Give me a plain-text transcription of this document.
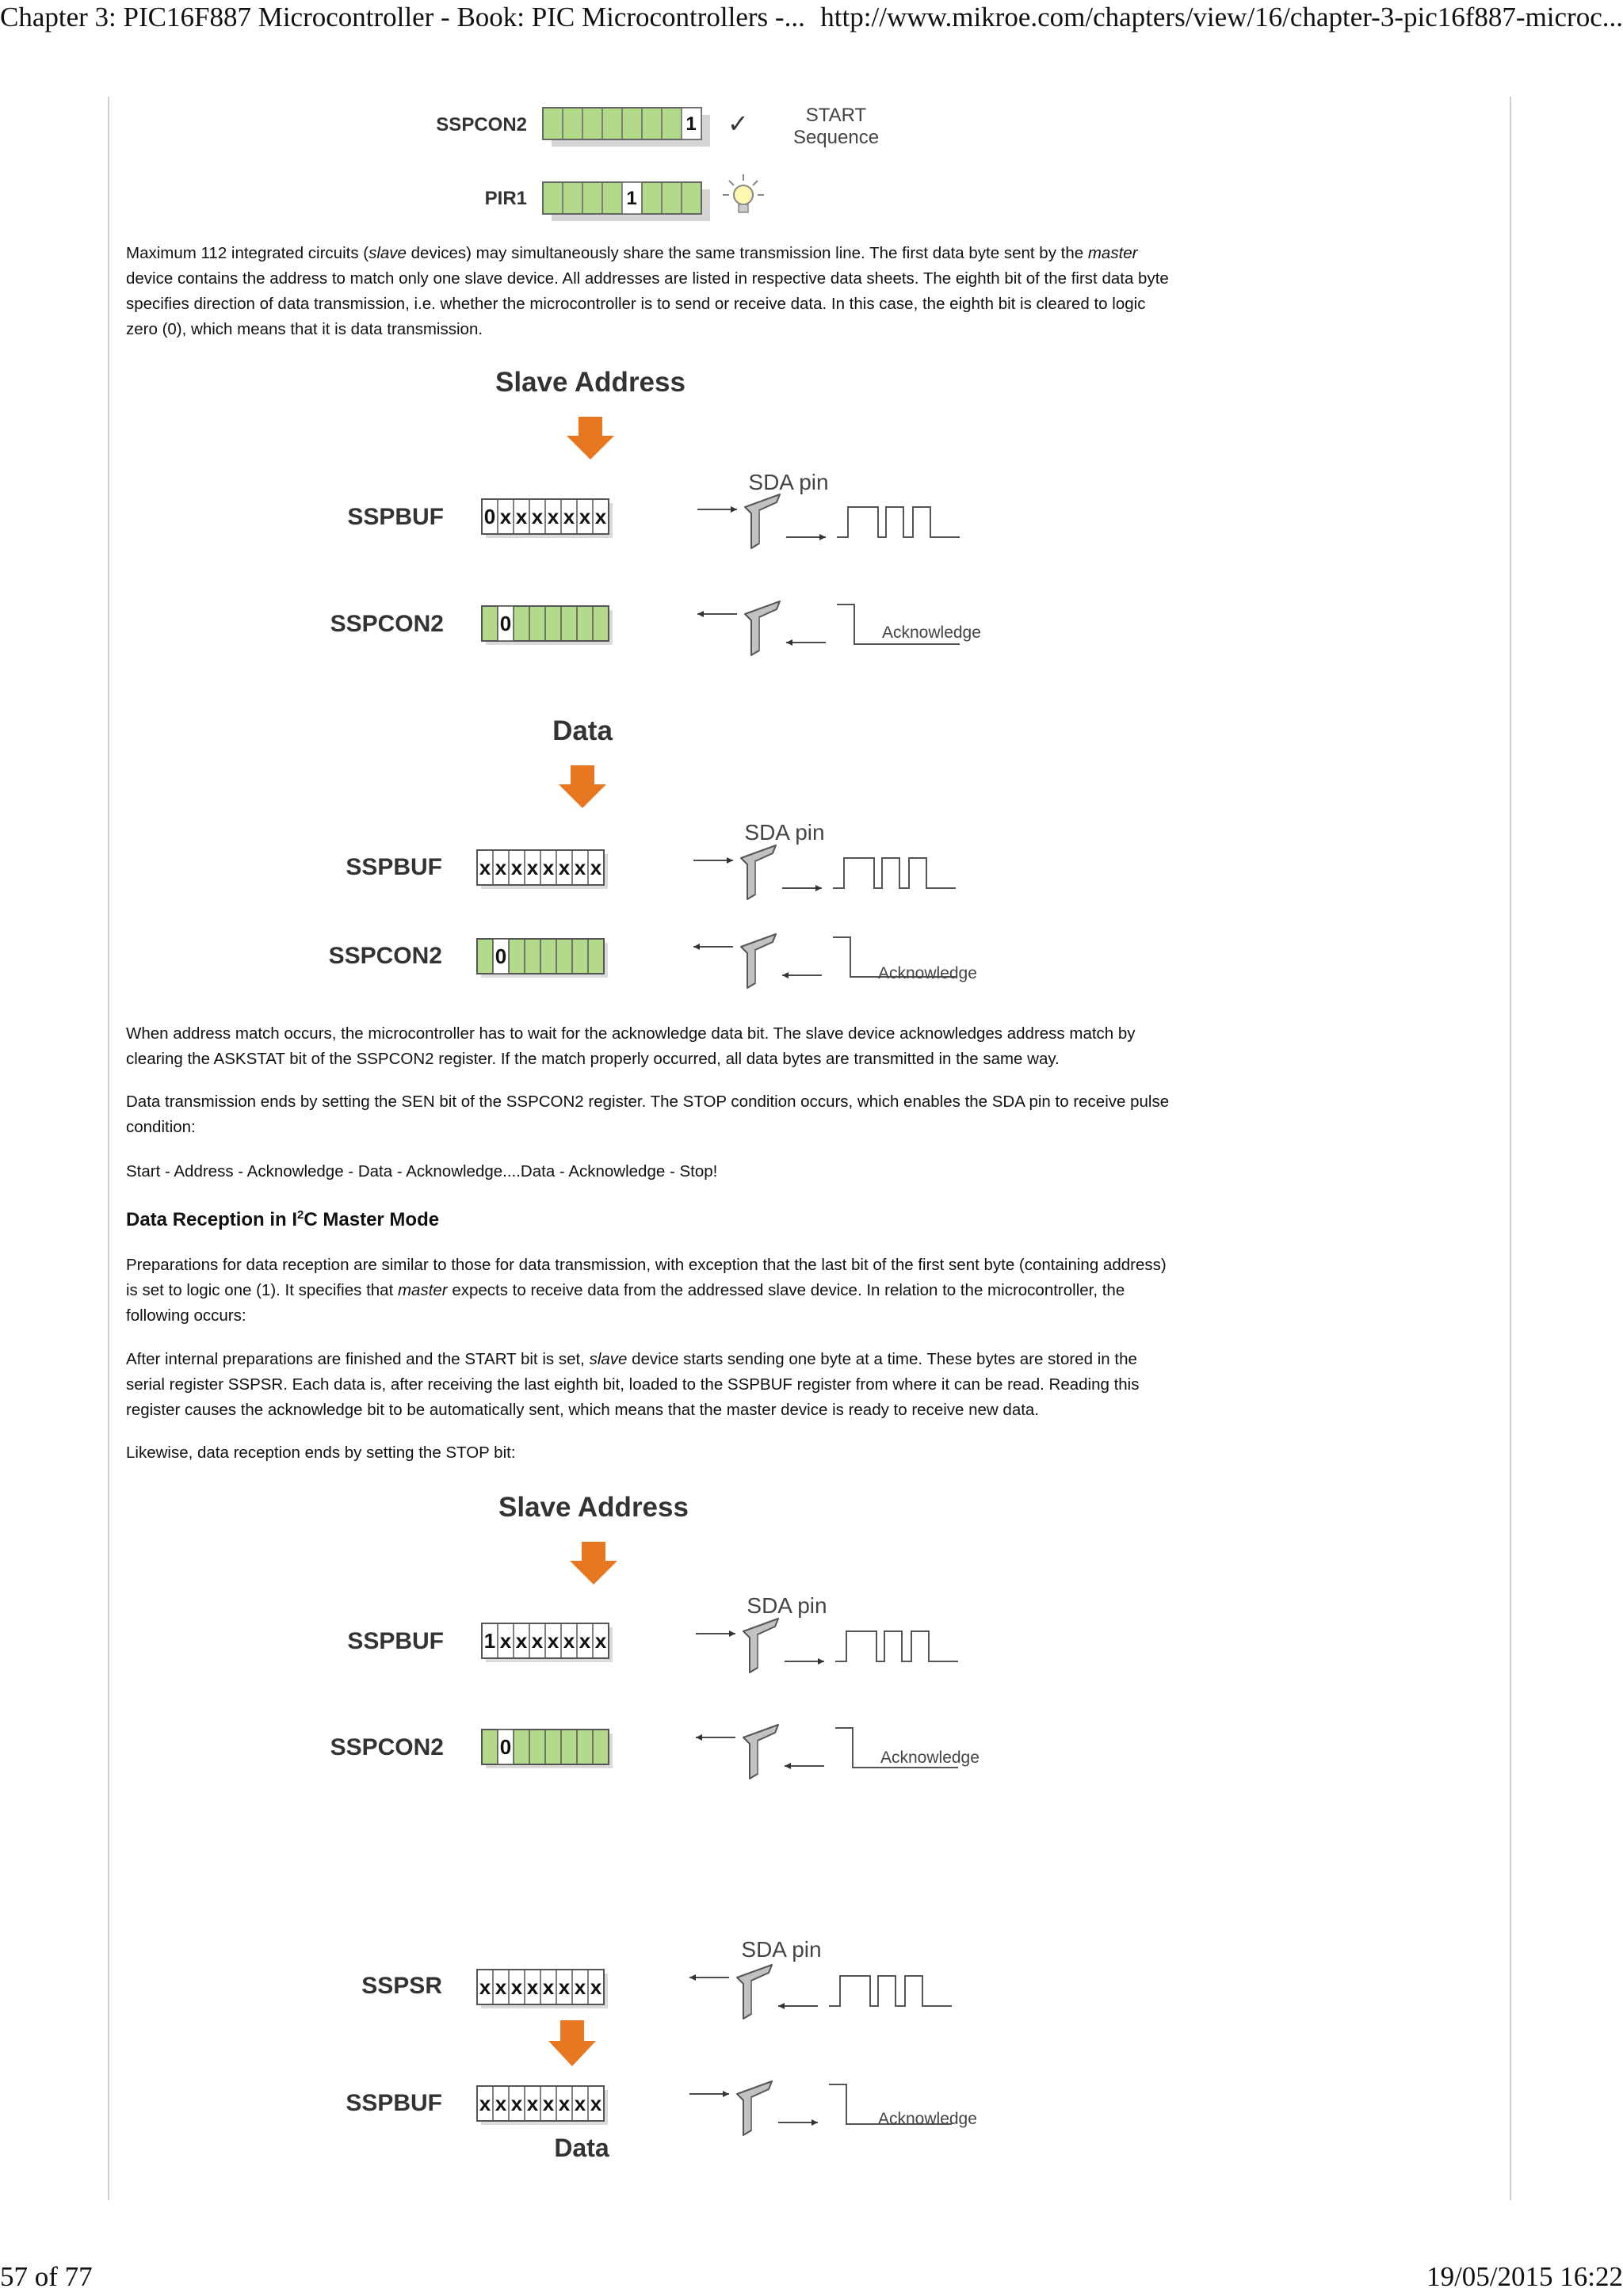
Chapter 3: PIC16F887 Microcontroller - Book: PIC Microcontrollers -... http://www.mikroe.com/chapters/view/16/chapter-3-pic16f887-microc...
SSPCON2	1 ✓	START
Sequence
PIR1	1

Maximum 112 integrated circuits (slave devices) may simultaneously share the same transmission line. The first data byte sent by the master device contains the address to match only one slave device. All addresses are listed in respective data sheets. The eighth bit of the first data byte specifies direction of data transmission, i.e. whether the microcontroller is to send or receive data. In this case, the eighth bit is cleared to logic zero (0), which means that it is data transmission.

Slave Address
SSPBUF 0 x x x x x x x
SDA pin
SSPCON2	0	Acknowledge
Data
SSPBUF x x x x x x x x
SDA pin
SSPCON2	0
Acknowledge

When address match occurs, the microcontroller has to wait for the acknowledge data bit. The slave device acknowledges address match by clearing the ASKSTAT bit of the SSPCON2 register. If the match properly occurred, all data bytes are transmitted in the same way.

Data transmission ends by setting the SEN bit of the SSPCON2 register. The STOP condition occurs, which enables the SDA pin to receive pulse condition:

Start - Address - Acknowledge - Data - Acknowledge....Data - Acknowledge - Stop!

Data Reception in $I^2C$ Master Mode

Preparations for data reception are similar to those for data transmission, with exception that the last bit of the first sent byte (containing address) is set to logic one (1). It specifies that master expects to receive data from the addressed slave device. In relation to the microcontroller, the following occurs:

After internal preparations are finished and the START bit is set, slave device starts sending one byte at a time. These bytes are stored in the serial register SSPSR. Each data is, after receiving the last eighth bit, loaded to the SSPBUF register from where it can be read. Reading this register causes the acknowledge bit to be automatically sent, which means that the master device is ready to receive new data.

Likewise, data reception ends by setting the STOP bit:

Slave Address
SSPBUF 1 x x x x x x x
SDA pin
SSPCON2	0	Acknowledge
SSPSR x x x x x x x x
SDA pin
SSPBUF x x x x x x x x
Acknowledge
Data
57 of 77	19/05/2015 16:22
